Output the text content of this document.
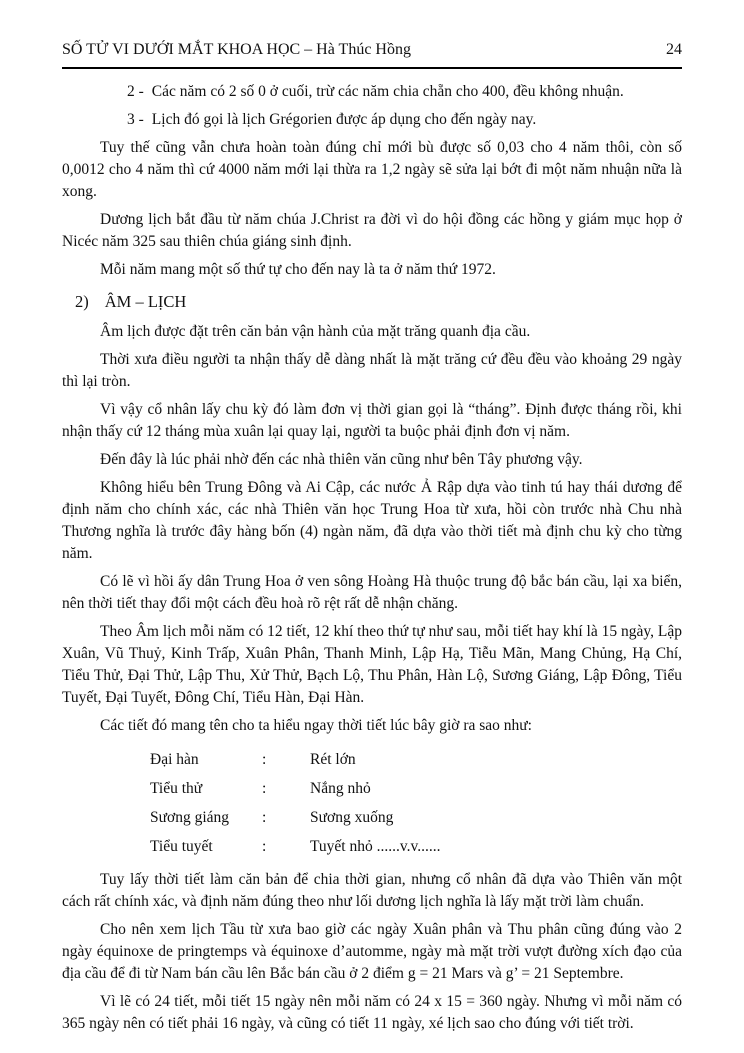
SỐ TỬ VI DƯỚI MẮT KHOA HỌC – Hà Thúc Hồng	24

2 - Các năm có 2 số 0 ở cuối, trừ các năm chia chẵn cho 400, đều không nhuận.

3 - Lịch đó gọi là lịch Grégorien được áp dụng cho đến ngày nay.

Tuy thế cũng vẫn chưa hoàn toàn đúng chỉ mới bù được số 0,03 cho 4 năm thôi, còn số 0,0012 cho 4 năm thì cứ 4000 năm mới lại thừa ra 1,2 ngày sẽ sửa lại bớt đi một năm nhuận nữa là xong.

Dương lịch bắt đầu từ năm chúa J.Christ ra đời vì do hội đồng các hồng y giám mục họp ở Nicéc năm 325 sau thiên chúa giáng sinh định.

Mỗi năm mang một số thứ tự cho đến nay là ta ở năm thứ 1972.

2) ÂM – LỊCH

Âm lịch được đặt trên căn bản vận hành của mặt trăng quanh địa cầu.

Thời xưa điều người ta nhận thấy dễ dàng nhất là mặt trăng cứ đều đều vào khoảng 29 ngày thì lại tròn.

Vì vậy cổ nhân lấy chu kỳ đó làm đơn vị thời gian gọi là “tháng”. Định được tháng rồi, khi nhận thấy cứ 12 tháng mùa xuân lại quay lại, người ta buộc phải định đơn vị năm.

Đến đây là lúc phải nhờ đến các nhà thiên văn cũng như bên Tây phương vậy.

Không hiểu bên Trung Đông và Ai Cập, các nước Ả Rập dựa vào tinh tú hay thái dương để định năm cho chính xác, các nhà Thiên văn học Trung Hoa từ xưa, hồi còn trước nhà Chu nhà Thương nghĩa là trước đây hàng bốn (4) ngàn năm, đã dựa vào thời tiết mà định chu kỳ cho từng năm.

Có lẽ vì hồi ấy dân Trung Hoa ở ven sông Hoàng Hà thuộc trung độ bắc bán cầu, lại xa biển, nên thời tiết thay đổi một cách đều hoà rõ rệt rất dễ nhận chăng.

Theo Âm lịch mỗi năm có 12 tiết, 12 khí theo thứ tự như sau, mỗi tiết hay khí là 15 ngày, Lập Xuân, Vũ Thuỷ, Kinh Trấp, Xuân Phân, Thanh Minh, Lập Hạ, Tiễu Mãn, Mang Chủng, Hạ Chí, Tiểu Thử, Đại Thử, Lập Thu, Xử Thử, Bạch Lộ, Thu Phân, Hàn Lộ, Sương Giáng, Lập Đông, Tiểu Tuyết, Đại Tuyết, Đông Chí, Tiểu Hàn, Đại Hàn.

Các tiết đó mang tên cho ta hiểu ngay thời tiết lúc bây giờ ra sao như:

Đại hàn	:	Rét lớn
Tiểu thử	:	Nắng nhỏ
Sương giáng	:	Sương xuống
Tiểu tuyết	:	Tuyết nhỏ ......v.v......

Tuy lấy thời tiết làm căn bản để chia thời gian, nhưng cổ nhân đã dựa vào Thiên văn một cách rất chính xác, và định năm đúng theo như lối dương lịch nghĩa là lấy mặt trời làm chuẩn.

Cho nên xem lịch Tầu từ xưa bao giờ các ngày Xuân phân và Thu phân cũng đúng vào 2 ngày équinoxe de pringtemps và équinoxe d’automme, ngày mà mặt trời vượt đường xích đạo của địa cầu để đi từ Nam bán cầu lên Bắc bán cầu ở 2 điểm g = 21 Mars và g’ = 21 Septembre.

Vì lẽ có 24 tiết, mỗi tiết 15 ngày nên mỗi năm có 24 x 15 = 360 ngày. Nhưng vì mỗi năm có 365 ngày nên có tiết phải 16 ngày, và cũng có tiết 11 ngày, xé lịch sao cho đúng với tiết trời.
